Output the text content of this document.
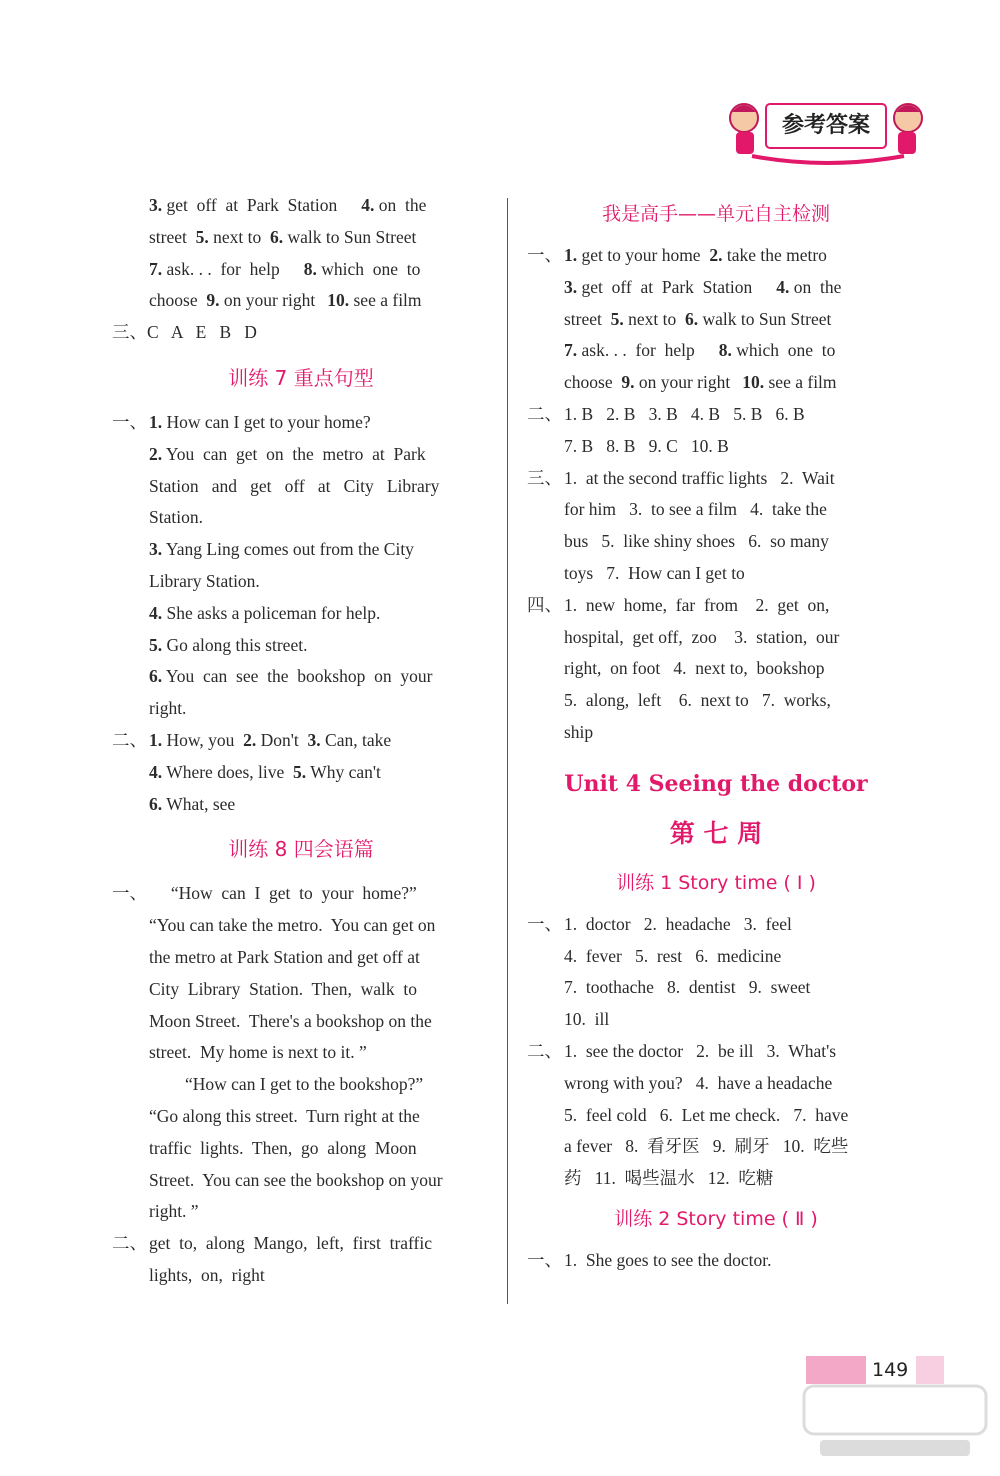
参考答案
3. get  off  at  Park  Station 4. on  the
street 5. next to 6. walk to Sun Street
7. ask. . .  for  help 8. which  one  to
choose 9. on your right 10. see a film
三、C   A   E   B   D
训练 7 重点句型
一、 1. How can I get to your home?
2. You  can  get  on  the  metro  at  Park
Station   and   get   off   at   City   Library
Station.
3. Yang Ling comes out from the City
Library Station.
4. She asks a policeman for help.
5. Go along this street.
6. You  can  see  the  bookshop  on  your
right.
二、 1. How, you 2. Don't 3. Can, take
4. Where does, live 5. Why can't
6. What, see
训练 8 四会语篇
一、 “How  can  I  get  to  your  home?”
“You can take the metro.  You can get on
the metro at Park Station and get off at
City  Library  Station.  Then,  walk  to
Moon Street.  There's a bookshop on the
street.  My home is next to it. ”
“How can I get to the bookshop?”
“Go along this street.  Turn right at the
traffic  lights.  Then,  go  along  Moon
Street.  You can see the bookshop on your
right. ”
二、 get  to,  along  Mango,  left,  first  traffic
lights,  on,  right
我是高手——单元自主检测
一、 1. get to your home 2. take the metro
3. get  off  at  Park  Station 4. on  the
street 5. next to 6. walk to Sun Street
7. ask. . .  for  help 8. which  one  to
choose 9. on your right 10. see a film
二、 1. B   2. B   3. B   4. B   5. B   6. B
7. B   8. B   9. C   10. B
三、 1.  at the second traffic lights   2.  Wait
for him   3.  to see a film   4.  take the
bus   5.  like shiny shoes   6.  so many
toys   7.  How can I get to
四、 1.  new  home,  far  from    2.  get  on,
hospital,  get off,  zoo    3.  station,  our
right,  on foot   4.  next to,  bookshop
5.  along,  left    6.  next to   7.  works,
ship
Unit 4 Seeing the doctor
第 七 周
训练 1 Story time ( Ⅰ )
一、 1.  doctor   2.  headache   3.  feel
4.  fever   5.  rest   6.  medicine
7.  toothache   8.  dentist   9.  sweet
10.  ill
二、 1.  see the doctor   2.  be ill   3.  What's
wrong with you?   4.  have a headache
5.  feel cold   6.  Let me check.   7.  have
a fever   8.  看牙医   9.  刷牙   10.  吃些
药   11.  喝些温水   12.  吃糖
训练 2 Story time ( Ⅱ )
一、 1.  She goes to see the doctor.
149
